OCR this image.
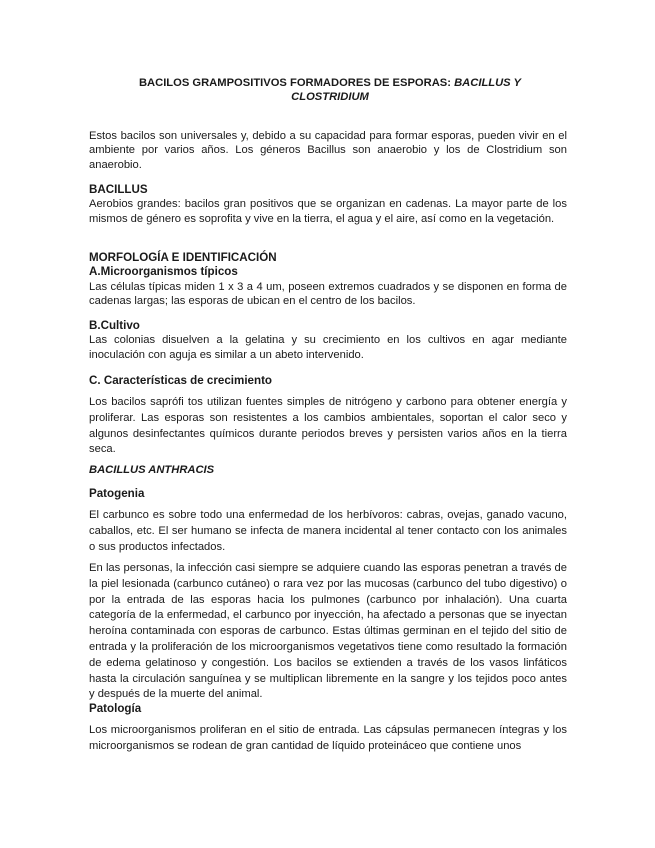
BACILOS GRAMPOSITIVOS FORMADORES DE ESPORAS: BACILLUS Y
CLOSTRIDIUM
Estos bacilos son universales y, debido a su capacidad para formar esporas, pueden vivir en el ambiente por varios años. Los géneros Bacillus son anaerobio y los de Clostridium son anaerobio.
BACILLUS
Aerobios grandes: bacilos gran positivos que se organizan en cadenas. La mayor parte de los mismos de género es soprofita y vive en la tierra, el agua y el aire, así como en la vegetación.
MORFOLOGÍA E IDENTIFICACIÓN
A.Microorganismos típicos
Las células típicas miden 1 x 3 a 4 um, poseen extremos cuadrados y se disponen en forma de cadenas largas; las esporas de ubican en el centro de los bacilos.
B.Cultivo
Las colonias disuelven a la gelatina y su crecimiento en los cultivos en agar mediante inoculación con aguja es similar a un abeto intervenido.
C. Características de crecimiento
Los bacilos saprófi tos utilizan fuentes simples de nitrógeno y carbono para obtener energía y proliferar. Las esporas son resistentes a los cambios ambientales, soportan el calor seco y algunos desinfectantes químicos durante periodos breves y persisten varios años en la tierra seca.
BACILLUS ANTHRACIS
Patogenia
El carbunco es sobre todo una enfermedad de los herbívoros: cabras, ovejas, ganado vacuno, caballos, etc. El ser humano se infecta de manera incidental al tener contacto con los animales o sus productos infectados.
En las personas, la infección casi siempre se adquiere cuando las esporas penetran a través de la piel lesionada (carbunco cutáneo) o rara vez por las mucosas (carbunco del tubo digestivo) o por la entrada de las esporas hacia los pulmones (carbunco por inhalación). Una cuarta categoría de la enfermedad, el carbunco por inyección, ha afectado a personas que se inyectan heroína contaminada con esporas de carbunco. Estas últimas germinan en el tejido del sitio de entrada y la proliferación de los microorganismos vegetativos tiene como resultado la formación de edema gelatinoso y congestión. Los bacilos se extienden a través de los vasos linfáticos hasta la circulación sanguínea y se multiplican libremente en la sangre y los tejidos poco antes y después de la muerte del animal.
Patología
Los microorganismos proliferan en el sitio de entrada. Las cápsulas permanecen íntegras y los microorganismos se rodean de gran cantidad de líquido proteináceo que contiene unos
